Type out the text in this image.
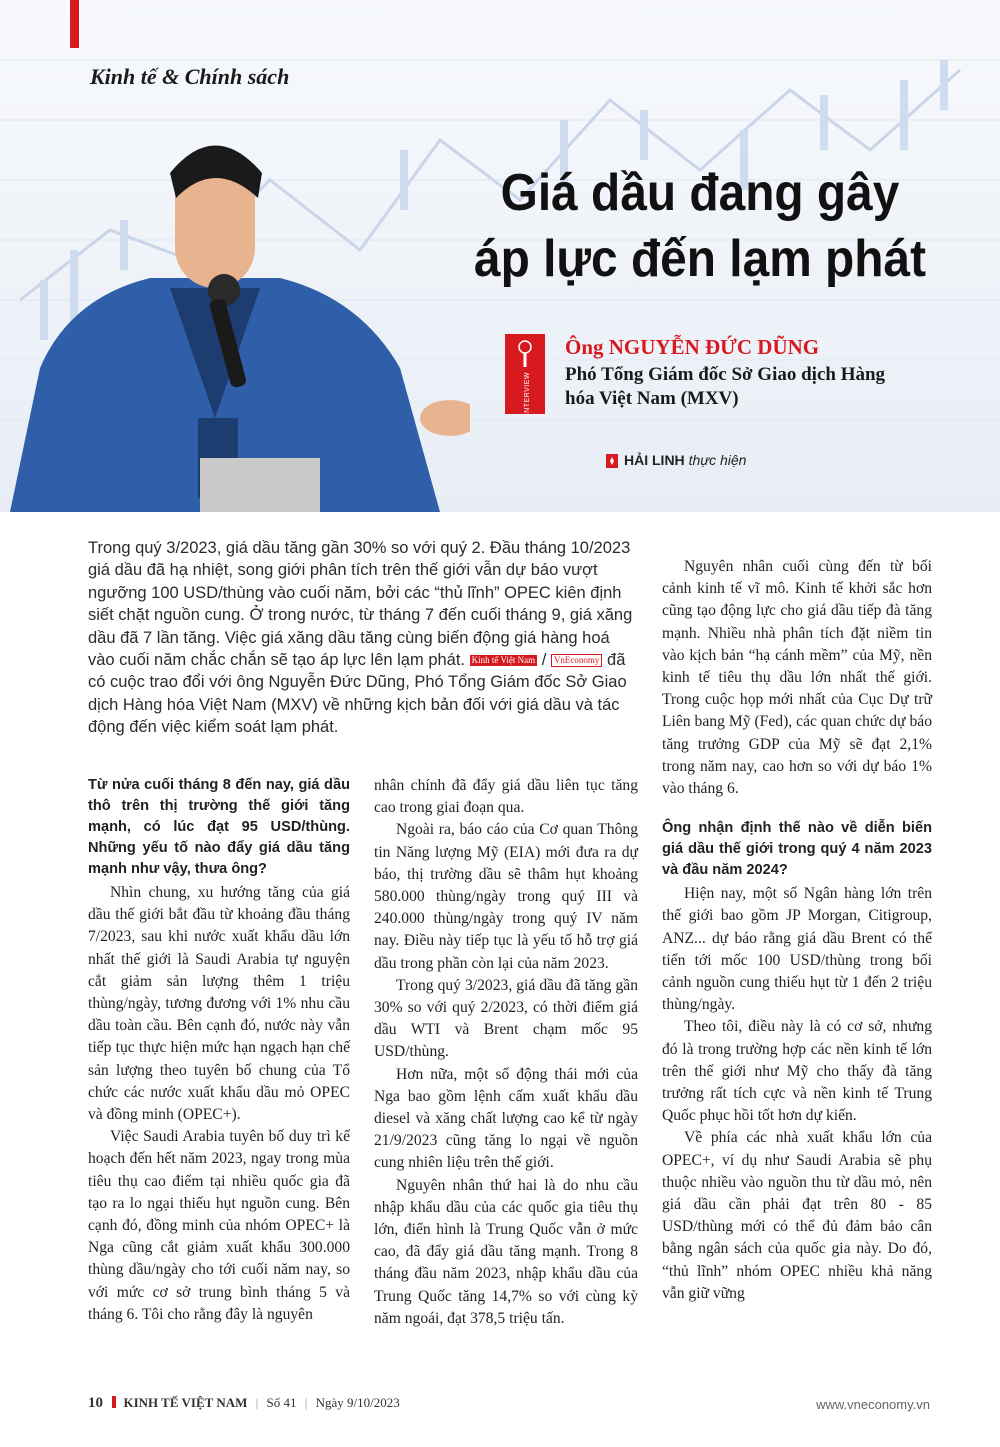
Kinh tế & Chính sách
Giá dầu đang gây
áp lực đến lạm phát
INTERVIEW
Ông NGUYỄN ĐỨC DŨNG
Phó Tổng Giám đốc Sở Giao dịch Hàng hóa Việt Nam (MXV)
HẢI LINH thực hiện

Trong quý 3/2023, giá dầu tăng gần 30% so với quý 2. Đầu tháng 10/2023 giá dầu đã hạ nhiệt, song giới phân tích trên thế giới vẫn dự báo vượt ngưỡng 100 USD/thùng vào cuối năm, bởi các “thủ lĩnh” OPEC kiên định siết chặt nguồn cung. Ở trong nước, từ tháng 7 đến cuối tháng 9, giá xăng dầu đã 7 lần tăng. Việc giá xăng dầu tăng cùng biến động giá hàng hoá vào cuối năm chắc chắn sẽ tạo áp lực lên lạm phát. Kinh tế Việt Nam / VnEconomy đã có cuộc trao đổi với ông Nguyễn Đức Dũng, Phó Tổng Giám đốc Sở Giao dịch Hàng hóa Việt Nam (MXV) về những kịch bản đối với giá dầu và tác động đến việc kiểm soát lạm phát.

Từ nửa cuối tháng 8 đến nay, giá dầu thô trên thị trường thế giới tăng mạnh, có lúc đạt 95 USD/thùng. Những yếu tố nào đẩy giá dầu tăng mạnh như vậy, thưa ông?

Nhìn chung, xu hướng tăng của giá dầu thế giới bắt đầu từ khoảng đầu tháng 7/2023, sau khi nước xuất khẩu dầu lớn nhất thế giới là Saudi Arabia tự nguyện cắt giảm sản lượng thêm 1 triệu thùng/ngày, tương đương với 1% nhu cầu dầu toàn cầu. Bên cạnh đó, nước này vẫn tiếp tục thực hiện mức hạn ngạch hạn chế sản lượng theo tuyên bố chung của Tổ chức các nước xuất khẩu dầu mỏ OPEC và đồng minh (OPEC+).

Việc Saudi Arabia tuyên bố duy trì kế hoạch đến hết năm 2023, ngay trong mùa tiêu thụ cao điểm tại nhiều quốc gia đã tạo ra lo ngại thiếu hụt nguồn cung. Bên cạnh đó, đồng minh của nhóm OPEC+ là Nga cũng cắt giảm xuất khẩu 300.000 thùng dầu/ngày cho tới cuối năm nay, so với mức cơ sở trung bình tháng 5 và tháng 6. Tôi cho rằng đây là nguyên

nhân chính đã đẩy giá dầu liên tục tăng cao trong giai đoạn qua.

Ngoài ra, báo cáo của Cơ quan Thông tin Năng lượng Mỹ (EIA) mới đưa ra dự báo, thị trường dầu sẽ thâm hụt khoảng 580.000 thùng/ngày trong quý III và 240.000 thùng/ngày trong quý IV năm nay. Điều này tiếp tục là yếu tố hỗ trợ giá dầu trong phần còn lại của năm 2023.

Trong quý 3/2023, giá dầu đã tăng gần 30% so với quý 2/2023, có thời điểm giá dầu WTI và Brent chạm mốc 95 USD/thùng.

Hơn nữa, một số động thái mới của Nga bao gồm lệnh cấm xuất khẩu dầu diesel và xăng chất lượng cao kể từ ngày 21/9/2023 cũng tăng lo ngại về nguồn cung nhiên liệu trên thế giới.

Nguyên nhân thứ hai là do nhu cầu nhập khẩu dầu của các quốc gia tiêu thụ lớn, điển hình là Trung Quốc vẫn ở mức cao, đã đẩy giá dầu tăng mạnh. Trong 8 tháng đầu năm 2023, nhập khẩu dầu của Trung Quốc tăng 14,7% so với cùng kỳ năm ngoái, đạt 378,5 triệu tấn.

Nguyên nhân cuối cùng đến từ bối cảnh kinh tế vĩ mô. Kinh tế khởi sắc hơn cũng tạo động lực cho giá dầu tiếp đà tăng mạnh. Nhiều nhà phân tích đặt niềm tin vào kịch bản “hạ cánh mềm” của Mỹ, nền kinh tế tiêu thụ dầu lớn nhất thế giới. Trong cuộc họp mới nhất của Cục Dự trữ Liên bang Mỹ (Fed), các quan chức dự báo tăng trưởng GDP của Mỹ sẽ đạt 2,1% trong năm nay, cao hơn so với dự báo 1% vào tháng 6.

Ông nhận định thế nào về diễn biến giá dầu thế giới trong quý 4 năm 2023 và đầu năm 2024?

Hiện nay, một số Ngân hàng lớn trên thế giới bao gồm JP Morgan, Citigroup, ANZ... dự báo rằng giá dầu Brent có thể tiến tới mốc 100 USD/thùng trong bối cảnh nguồn cung thiếu hụt từ 1 đến 2 triệu thùng/ngày.

Theo tôi, điều này là có cơ sở, nhưng đó là trong trường hợp các nền kinh tế lớn trên thế giới như Mỹ cho thấy đà tăng trưởng rất tích cực và nền kinh tế Trung Quốc phục hồi tốt hơn dự kiến.

Về phía các nhà xuất khẩu lớn của OPEC+, ví dụ như Saudi Arabia sẽ phụ thuộc nhiều vào nguồn thu từ dầu mỏ, nên giá dầu cần phải đạt trên 80 - 85 USD/thùng mới có thể đủ đảm bảo cân bằng ngân sách của quốc gia này. Do đó, “thủ lĩnh” nhóm OPEC nhiều khả năng vẫn giữ vững

10 KINH TẾ VIỆT NAM | Số 41 | Ngày 9/10/2023	www.vneconomy.vn
